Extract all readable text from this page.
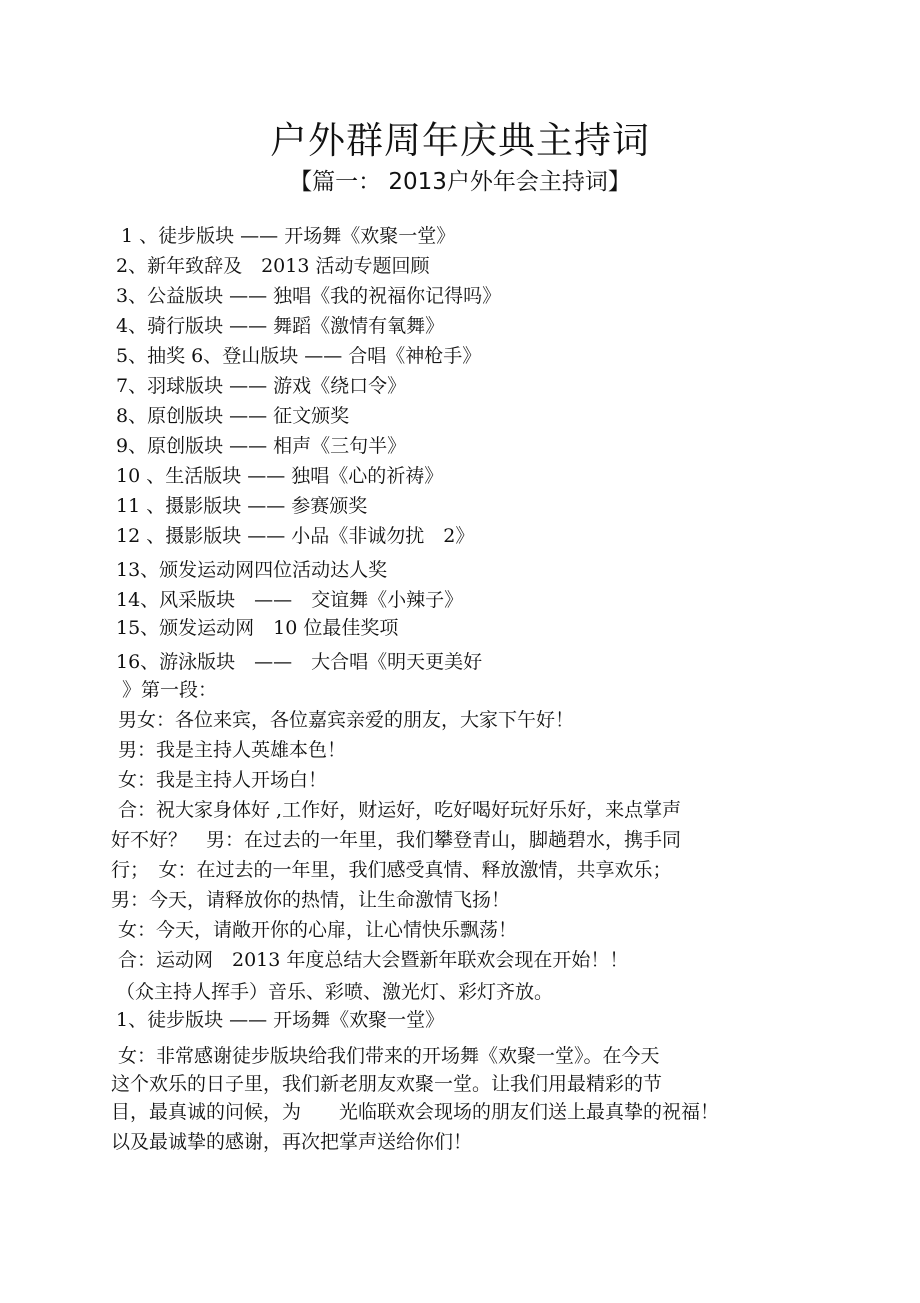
户外群周年庆典主持词
【篇一： 2013户外年会主持词】
1 、徒步版块 —— 开场舞《欢聚一堂》
2、新年致辞及　2013 活动专题回顾
3、公益版块 —— 独唱《我的祝福你记得吗》
4、骑行版块 —— 舞蹈《激情有氧舞》
5、抽奖 6、登山版块 —— 合唱《神枪手》
7、羽球版块 —— 游戏《绕口令》
8、原创版块 —— 征文颁奖
9、原创版块 —— 相声《三句半》
10 、生活版块 —— 独唱《心的祈祷》
11 、摄影版块 —— 参赛颁奖
12 、摄影版块 —— 小品《非诚勿扰　2》
13、颁发运动网四位活动达人奖
14、风采版块　——　交谊舞《小辣子》
15、颁发运动网　10 位最佳奖项
16、游泳版块　——　大合唱《明天更美好
》第一段：
男女：各位来宾，各位嘉宾亲爱的朋友，大家下午好！
男：我是主持人英雄本色！
女：我是主持人开场白！
合：祝大家身体好 ,工作好，财运好，吃好喝好玩好乐好，来点掌声
好不好？　男：在过去的一年里，我们攀登青山，脚趟碧水，携手同
行；　女：在过去的一年里，我们感受真情、释放激情，共享欢乐；
男：今天，请释放你的热情，让生命激情飞扬！
女：今天，请敞开你的心扉，让心情快乐飘荡！
合：运动网　2013 年度总结大会暨新年联欢会现在开始！！
（众主持人挥手）音乐、彩喷、激光灯、彩灯齐放。
1、徒步版块 —— 开场舞《欢聚一堂》
女：非常感谢徒步版块给我们带来的开场舞《欢聚一堂》。在今天
这个欢乐的日子里，我们新老朋友欢聚一堂。让我们用最精彩的节
目，最真诚的问候，为　　光临联欢会现场的朋友们送上最真挚的祝福！
以及最诚挚的感谢，再次把掌声送给你们！
